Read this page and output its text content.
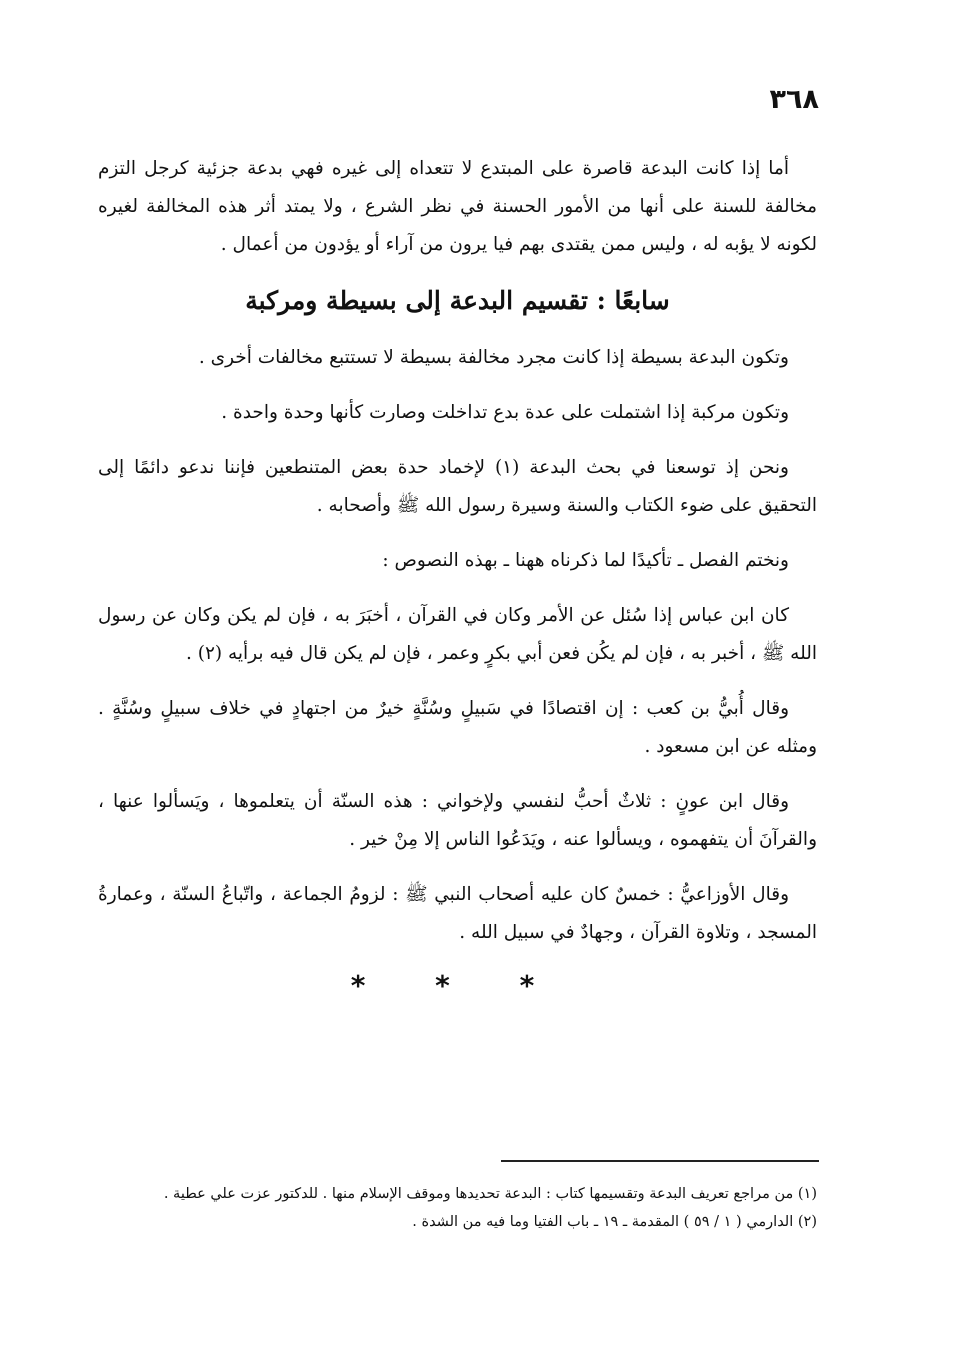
٣٦٨

أما إذا كانت البدعة قاصرة على المبتدع لا تتعداه إلى غيره فهي بدعة جزئية كرجل التزم مخالفة للسنة على أنها من الأمور الحسنة في نظر الشرع ، ولا يمتد أثر هذه المخالفة لغيره لكونه لا يؤبه له ، وليس ممن يقتدى بهم فيا يرون من آراء أو يؤدون من أعمال .

سابعًا : تقسيم البدعة إلى بسيطة ومركبة

وتكون البدعة بسيطة إذا كانت مجرد مخالفة بسيطة لا تستتبع مخالفات أخرى .

وتكون مركبة إذا اشتملت على عدة بدع تداخلت وصارت كأنها وحدة واحدة .

ونحن إذ توسعنا في بحث البدعة (١) لإخماد حدة بعض المتنطعين فإننا ندعو دائمًا إلى التحقيق على ضوء الكتاب والسنة وسيرة رسول الله ﷺ وأصحابه .

ونختم الفصل ـ تأكيدًا لما ذكرناه ههنا ـ بهذه النصوص :

كان ابن عباس إذا سُئل عن الأمر وكان في القرآن ، أخبَرَ به ، فإن لم يكن وكان عن رسول الله ﷺ ، أخبر به ، فإن لم يكُن فعن أبي بكرٍ وعمر ، فإن لم يكن قال فيه برأيه (٢) .

وقال أُبيُّ بن كعب : إن اقتصادًا في سَبيلٍ وسُنَّةٍ خيرٌ من اجتهادٍ في خلاف سبيلٍ وسُنَّةٍ . ومثله عن ابن مسعود .

وقال ابن عونٍ : ثلاثٌ أحبُّ لنفسي ولإخواني : هذه السنّة أن يتعلموها ، ويَسألوا عنها ، والقرآنَ أن يتفهموه ، ويسألوا عنه ، ويَدَعُوا الناس إلا مِنْ خير .

وقال الأوزاعيُّ : خمسٌ كان عليه أصحاب النبي ﷺ : لزومُ الجماعة ، واتّباعُ السنّة ، وعمارةُ المسجد ، وتلاوة القرآن ، وجهادٌ في سبيل الله .

* * *

(١) من مراجع تعريف البدعة وتقسيمها كتاب : البدعة تحديدها وموقف الإسلام منها . للدكتور عزت علي عطية .

(٢) الدارمي ( ١ / ٥٩ ) المقدمة ـ ١٩ ـ باب الفتيا وما فيه من الشدة .
